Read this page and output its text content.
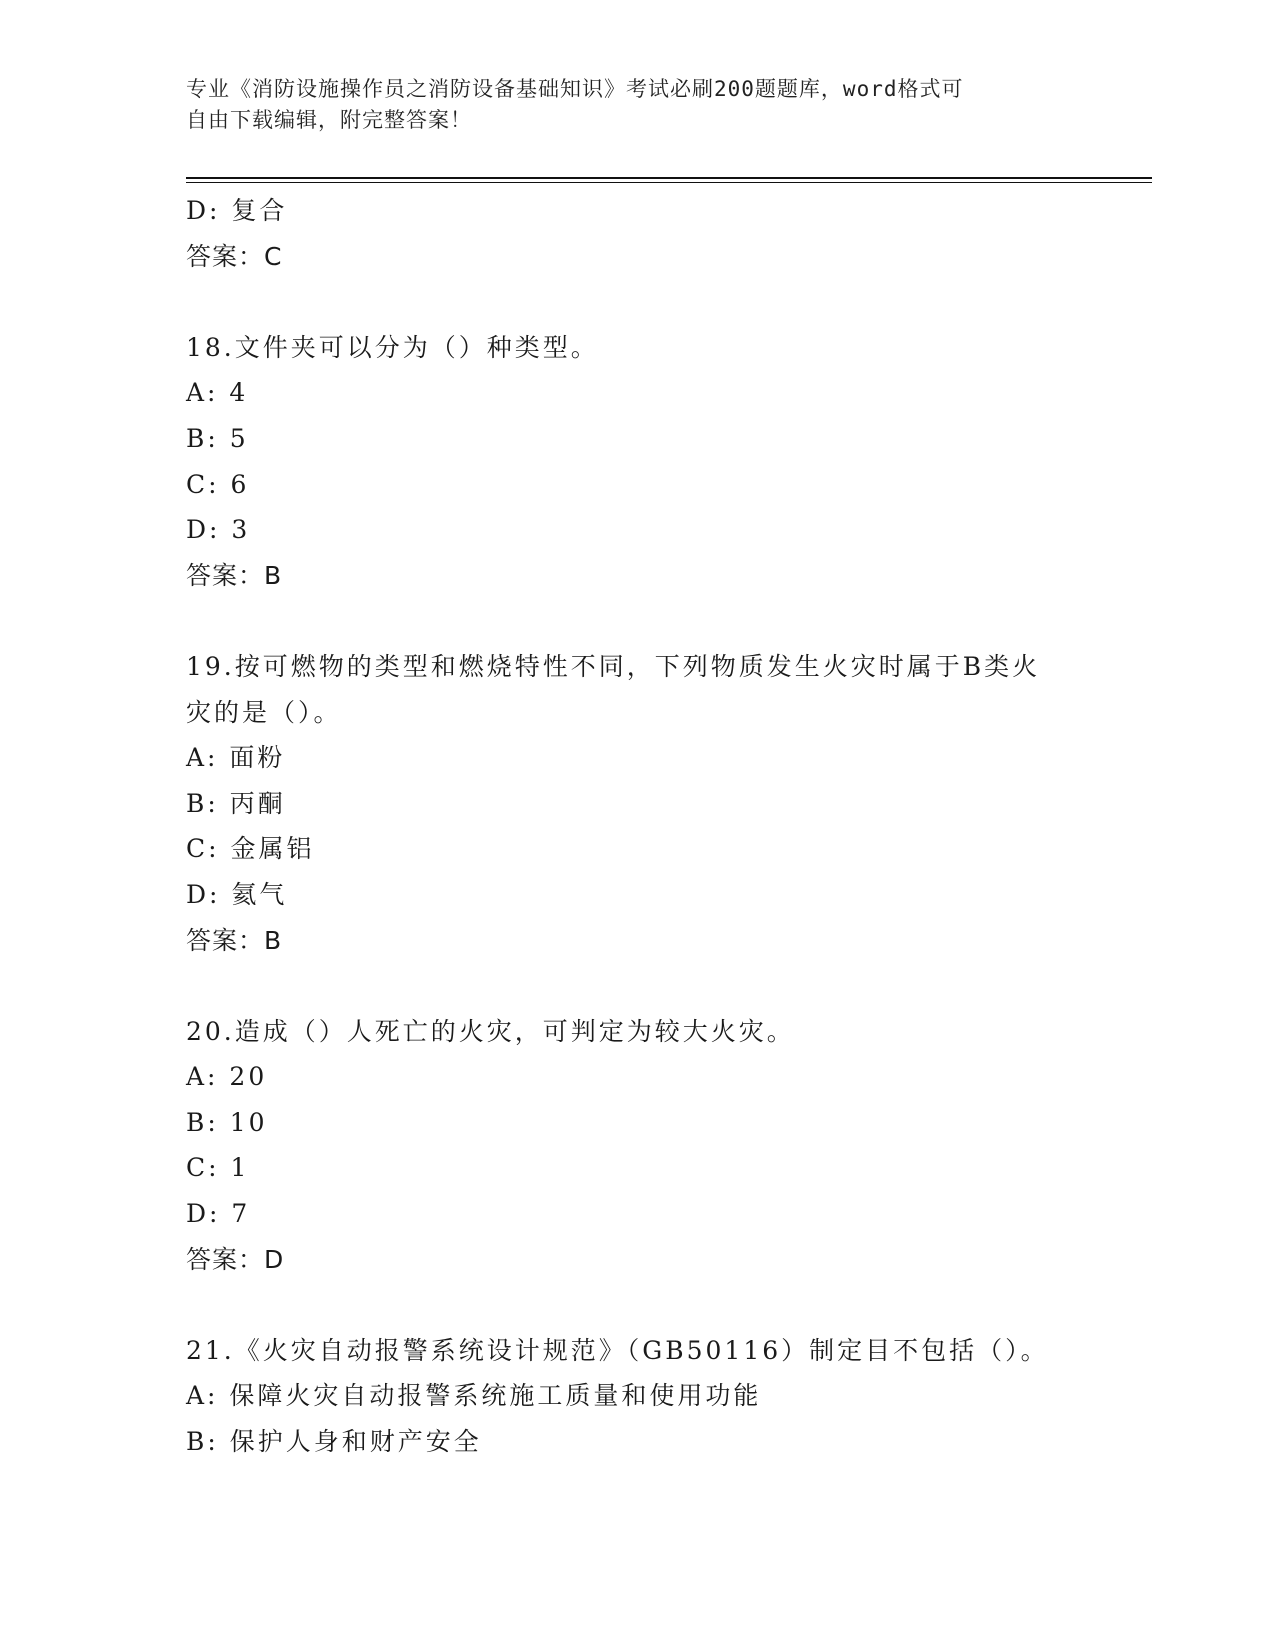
专业《消防设施操作员之消防设备基础知识》考试必刷200题题库，word格式可
自由下载编辑，附完整答案！
D: 复合
答案：C
18.文件夹可以分为（）种类型。
A: 4
B: 5
C: 6
D: 3
答案：B
19.按可燃物的类型和燃烧特性不同，下列物质发生火灾时属于B类火
灾的是（）。
A: 面粉
B: 丙酮
C: 金属铝
D: 氦气
答案：B
20.造成（）人死亡的火灾，可判定为较大火灾。
A: 20
B: 10
C: 1
D: 7
答案：D
21.《火灾自动报警系统设计规范》（GB50116）制定目不包括（）。
A: 保障火灾自动报警系统施工质量和使用功能
B: 保护人身和财产安全
